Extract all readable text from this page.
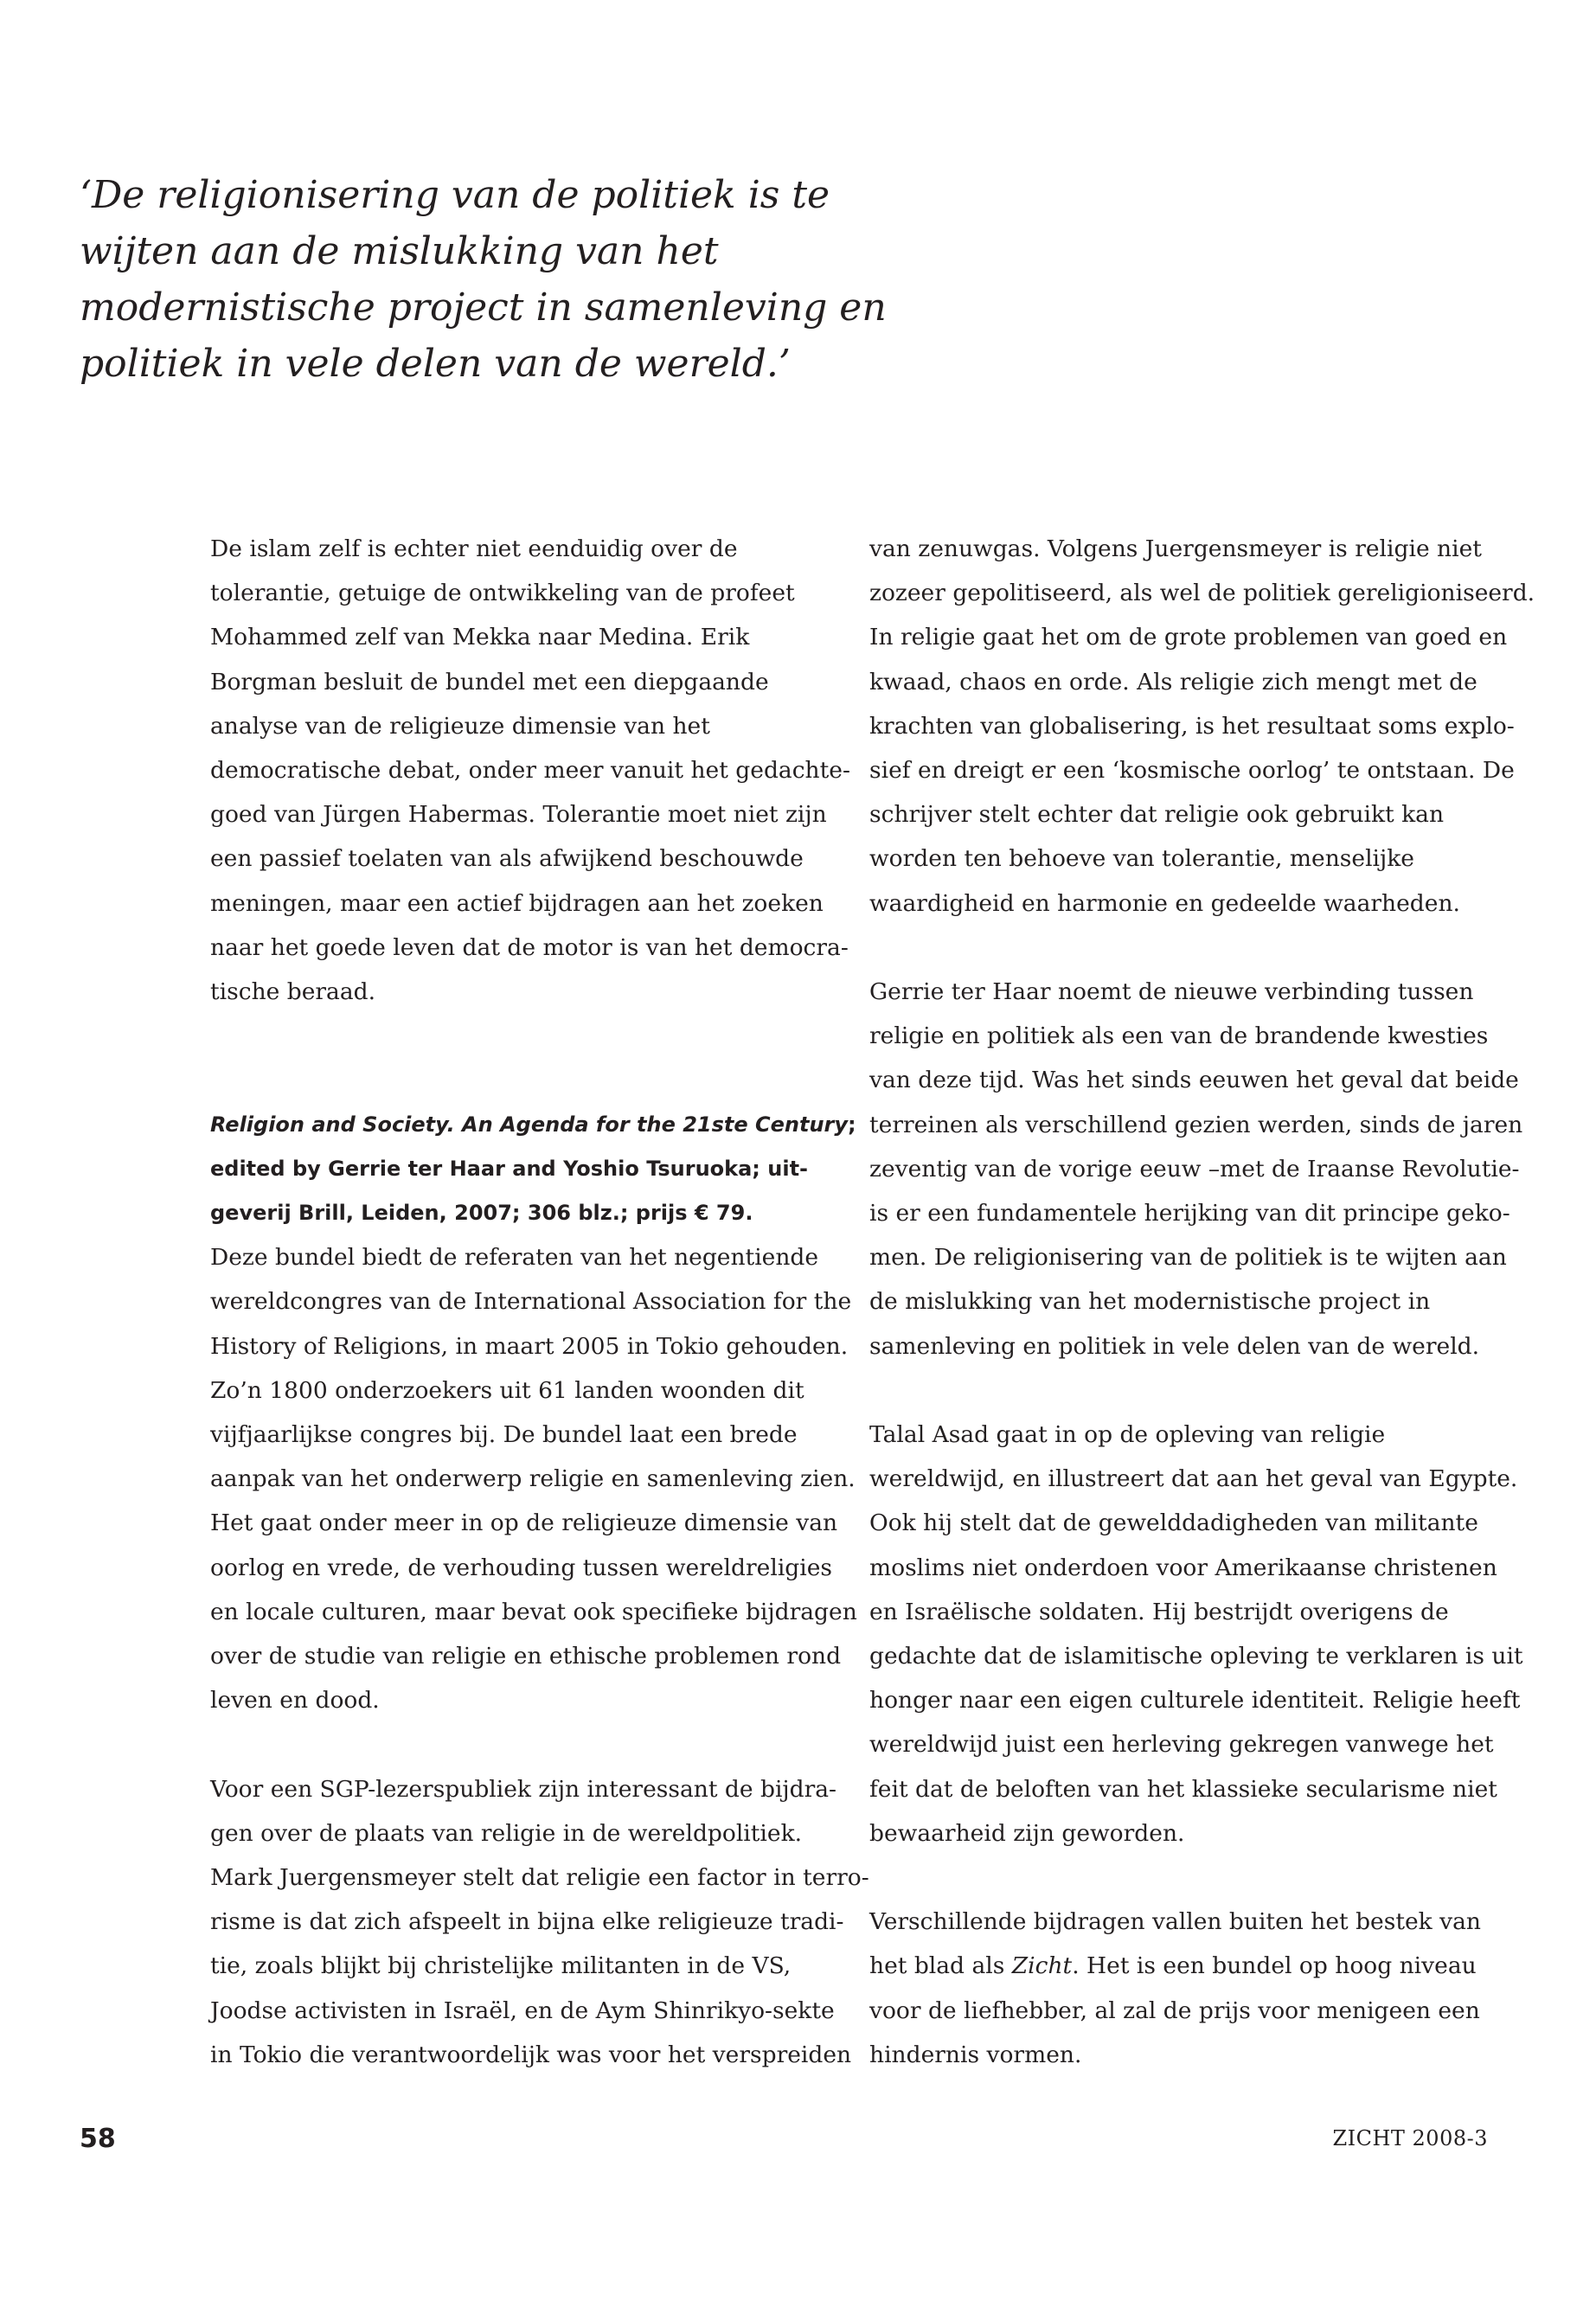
‘De religionisering van de politiek is te
wijten aan de mislukking van het
modernistische project in samenleving en
politiek in vele delen van de wereld.’
De islam zelf is echter niet eenduidig over de
tolerantie, getuige de ontwikkeling van de profeet
Mohammed zelf van Mekka naar Medina. Erik
Borgman besluit de bundel met een diepgaande
analyse van de religieuze dimensie van het
democratische debat, onder meer vanuit het gedachte-
goed van Jürgen Habermas. Tolerantie moet niet zijn
een passief toelaten van als afwijkend beschouwde
meningen, maar een actief bijdragen aan het zoeken
naar het goede leven dat de motor is van het democra-
tische beraad.
Religion and Society. An Agenda for the 21ste Century;
edited by Gerrie ter Haar and Yoshio Tsuruoka; uit-
geverij Brill, Leiden, 2007; 306 blz.; prijs € 79.
Deze bundel biedt de referaten van het negentiende
wereldcongres van de International Association for the
History of Religions, in maart 2005 in Tokio gehouden.
Zo’n 1800 onderzoekers uit 61 landen woonden dit
vijfjaarlijkse congres bij. De bundel laat een brede
aanpak van het onderwerp religie en samenleving zien.
Het gaat onder meer in op de religieuze dimensie van
oorlog en vrede, de verhouding tussen wereldreligies
en locale culturen, maar bevat ook specifieke bijdragen
over de studie van religie en ethische problemen rond
leven en dood.
Voor een SGP-lezerspubliek zijn interessant de bijdra-
gen over de plaats van religie in de wereldpolitiek.
Mark Juergensmeyer stelt dat religie een factor in terro-
risme is dat zich afspeelt in bijna elke religieuze tradi-
tie, zoals blijkt bij christelijke militanten in de VS,
Joodse activisten in Israël, en de Aym Shinrikyo-sekte
in Tokio die verantwoordelijk was voor het verspreiden
van zenuwgas. Volgens Juergensmeyer is religie niet
zozeer gepolitiseerd, als wel de politiek gereligioniseerd.
In religie gaat het om de grote problemen van goed en
kwaad, chaos en orde. Als religie zich mengt met de
krachten van globalisering, is het resultaat soms explo-
sief en dreigt er een ‘kosmische oorlog’ te ontstaan. De
schrijver stelt echter dat religie ook gebruikt kan
worden ten behoeve van tolerantie, menselijke
waardigheid en harmonie en gedeelde waarheden.
Gerrie ter Haar noemt de nieuwe verbinding tussen
religie en politiek als een van de brandende kwesties
van deze tijd. Was het sinds eeuwen het geval dat beide
terreinen als verschillend gezien werden, sinds de jaren
zeventig van de vorige eeuw –met de Iraanse Revolutie-
is er een fundamentele herijking van dit principe geko-
men. De religionisering van de politiek is te wijten aan
de mislukking van het modernistische project in
samenleving en politiek in vele delen van de wereld.
Talal Asad gaat in op de opleving van religie
wereldwijd, en illustreert dat aan het geval van Egypte.
Ook hij stelt dat de gewelddadigheden van militante
moslims niet onderdoen voor Amerikaanse christenen
en Israëlische soldaten. Hij bestrijdt overigens de
gedachte dat de islamitische opleving te verklaren is uit
honger naar een eigen culturele identiteit. Religie heeft
wereldwijd juist een herleving gekregen vanwege het
feit dat de beloften van het klassieke secularisme niet
bewaarheid zijn geworden.
Verschillende bijdragen vallen buiten het bestek van
het blad als Zicht. Het is een bundel op hoog niveau
voor de liefhebber, al zal de prijs voor menigeen een
hindernis vormen.
58	ZICHT 2008-3
